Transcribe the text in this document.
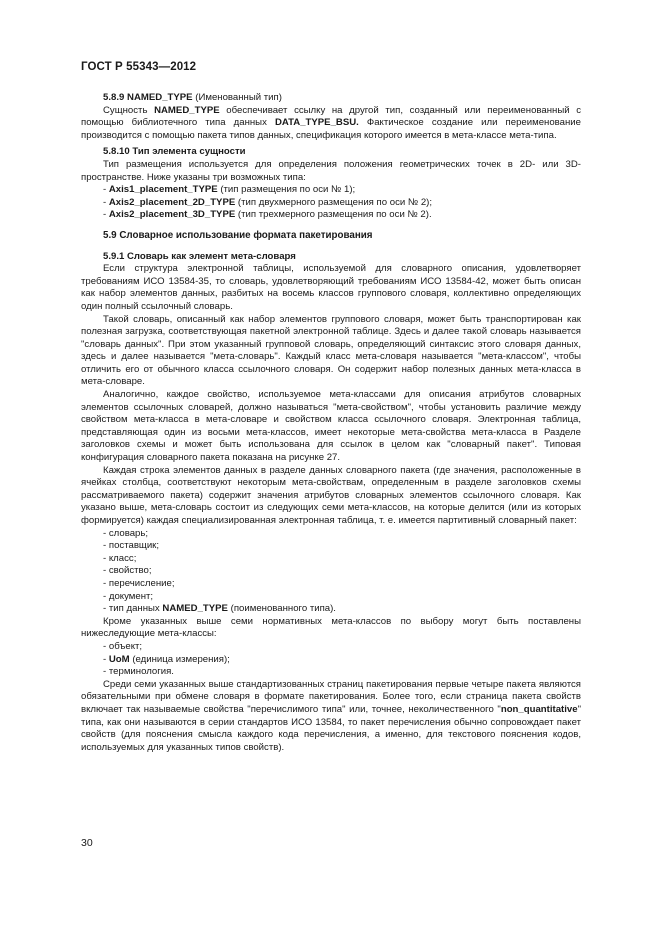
ГОСТ Р 55343—2012
5.8.9 NAMED_TYPE (Именованный тип)

Сущность NAMED_TYPE обеспечивает ссылку на другой тип, созданный или переименованный с помощью библиотечного типа данных DATA_TYPE_BSU. Фактическое создание или переименование производится с помощью пакета типов данных, спецификация которого имеется в мета-классе мета-типа.

5.8.10 Тип элемента сущности

Тип размещения используется для определения положения геометрических точек в 2D- или 3D-пространстве. Ниже указаны три возможных типа:

- Axis1_placement_TYPE (тип размещения по оси № 1);
- Axis2_placement_2D_TYPE (тип двухмерного размещения по оси № 2);
- Axis2_placement_3D_TYPE (тип трехмерного размещения по оси № 2).
5.9 Словарное использование формата пакетирования
5.9.1 Словарь как элемент мета-словаря

Если структура электронной таблицы, используемой для словарного описания, удовлетворяет требованиям ИСО 13584-35, то словарь, удовлетворяющий требованиям ИСО 13584-42, может быть описан как набор элементов данных, разбитых на восемь классов группового словаря, коллективно определяющих один полный ссылочный словарь.

Такой словарь, описанный как набор элементов группового словаря, может быть транспортирован как полезная загрузка, соответствующая пакетной электронной таблице. Здесь и далее такой словарь называется "словарь данных". При этом указанный групповой словарь, определяющий синтаксис этого словаря данных, здесь и далее называется "мета-словарь". Каждый класс мета-словаря называется "мета-классом", чтобы отличить его от обычного класса ссылочного словаря. Он содержит набор полезных данных мета-класса в мета-словаре.

Аналогично, каждое свойство, используемое мета-классами для описания атрибутов словарных элементов ссылочных словарей, должно называться "мета-свойством", чтобы установить различие между свойством мета-класса в мета-словаре и свойством класса ссылочного словаря. Электронная таблица, представляющая один из восьми мета-классов, имеет некоторые мета-свойства мета-класса в Разделе заголовков схемы и может быть использована для ссылок в целом как "словарный пакет". Типовая конфигурация словарного пакета показана на рисунке 27.

Каждая строка элементов данных в разделе данных словарного пакета (где значения, расположенные в ячейках столбца, соответствуют некоторым мета-свойствам, определенным в разделе заголовков схемы рассматриваемого пакета) содержит значения атрибутов словарных элементов ссылочного словаря. Как указано выше, мета-словарь состоит из следующих семи мета-классов, на которые делится (или из которых формируется) каждая специализированная электронная таблица, т. е. имеется партитивный словарный пакет:

- словарь;
- поставщик;
- класс;
- свойство;
- перечисление;
- документ;
- тип данных NAMED_TYPE (поименованного типа).

Кроме указанных выше семи нормативных мета-классов по выбору могут быть поставлены нижеследующие мета-классы:

- объект;
- UoM (единица измерения);
- терминология.

Среди семи указанных выше стандартизованных страниц пакетирования первые четыре пакета являются обязательными при обмене словаря в формате пакетирования. Более того, если страница пакета свойств включает так называемые свойства "перечислимого типа" или, точнее, неколичественного "non_quantitative" типа, как они называются в серии стандартов ИСО 13584, то пакет перечисления обычно сопровождает пакет свойств (для пояснения смысла каждого кода перечисления, а именно, для текстового пояснения кодов, используемых для указанных типов свойств).

30
